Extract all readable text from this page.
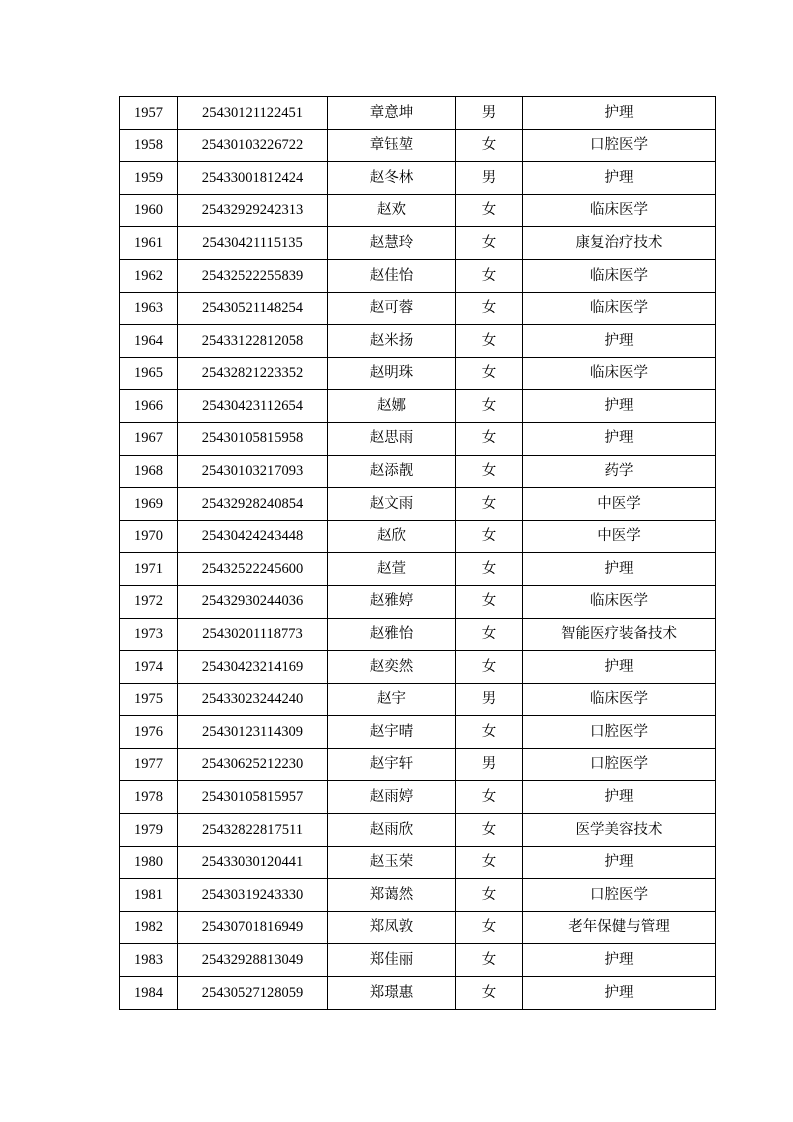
1957	25430121122451	章意坤	男	护理
1958	25430103226722	章钰堃	女	口腔医学
1959	25433001812424	赵冬林	男	护理
1960	25432929242313	赵欢	女	临床医学
1961	25430421115135	赵慧玲	女	康复治疗技术
1962	25432522255839	赵佳怡	女	临床医学
1963	25430521148254	赵可蓉	女	临床医学
1964	25433122812058	赵米扬	女	护理
1965	25432821223352	赵明珠	女	临床医学
1966	25430423112654	赵娜	女	护理
1967	25430105815958	赵思雨	女	护理
1968	25430103217093	赵添靓	女	药学
1969	25432928240854	赵文雨	女	中医学
1970	25430424243448	赵欣	女	中医学
1971	25432522245600	赵萱	女	护理
1972	25432930244036	赵雅婷	女	临床医学
1973	25430201118773	赵雅怡	女	智能医疗装备技术
1974	25430423214169	赵奕然	女	护理
1975	25433023244240	赵宇	男	临床医学
1976	25430123114309	赵宇晴	女	口腔医学
1977	25430625212230	赵宇轩	男	口腔医学
1978	25430105815957	赵雨婷	女	护理
1979	25432822817511	赵雨欣	女	医学美容技术
1980	25433030120441	赵玉荣	女	护理
1981	25430319243330	郑蔼然	女	口腔医学
1982	25430701816949	郑凤敦	女	老年保健与管理
1983	25432928813049	郑佳丽	女	护理
1984	25430527128059	郑璟惠	女	护理
